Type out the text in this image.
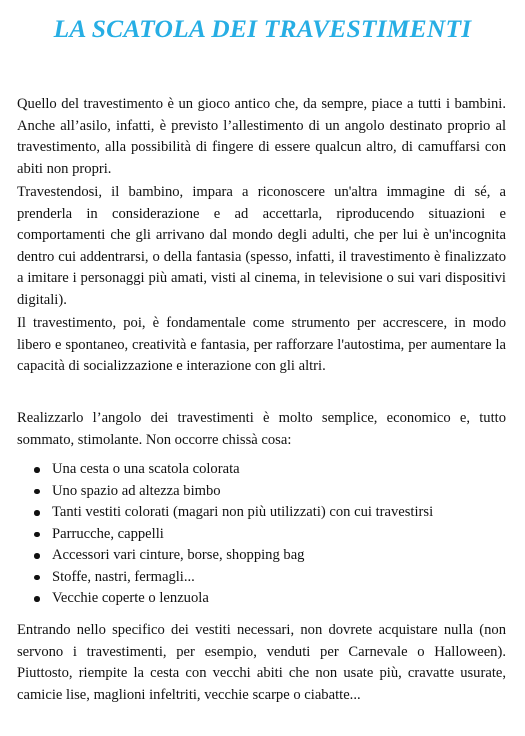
LA SCATOLA DEI TRAVESTIMENTI

Quello del travestimento è un gioco antico che, da sempre, piace a tutti i bambini. Anche all’asilo, infatti, è previsto l’allestimento di un angolo destinato proprio al travestimento, alla possibilità di fingere di essere qualcun altro, di camuffarsi con abiti non propri.

Travestendosi, il bambino, impara a riconoscere un'altra immagine di sé, a prenderla in considerazione e ad accettarla, riproducendo situazioni e comportamenti che gli arrivano dal mondo degli adulti, che per lui è un'incognita dentro cui addentrarsi, o della fantasia (spesso, infatti, il travestimento è finalizzato a imitare i personaggi più amati, visti al cinema, in televisione o sui vari dispositivi digitali).

Il travestimento, poi, è fondamentale come strumento per accrescere, in modo libero e spontaneo, creatività e fantasia, per rafforzare l'autostima, per aumentare la capacità di socializzazione e interazione con gli altri.

Realizzarlo l’angolo dei travestimenti è molto semplice, economico e, tutto sommato, stimolante. Non occorre chissà cosa:

Una cesta o una scatola colorata
Uno spazio ad altezza bimbo
Tanti vestiti colorati (magari non più utilizzati) con cui travestirsi
Parrucche, cappelli
Accessori vari cinture, borse, shopping bag
Stoffe, nastri, fermagli...
Vecchie coperte o lenzuola

Entrando nello specifico dei vestiti necessari, non dovrete acquistare nulla (non servono i travestimenti, per esempio, venduti per Carnevale o Halloween). Piuttosto, riempite la cesta con vecchi abiti che non usate più, cravatte usurate, camicie lise, maglioni infeltriti, vecchie scarpe o ciabatte...
